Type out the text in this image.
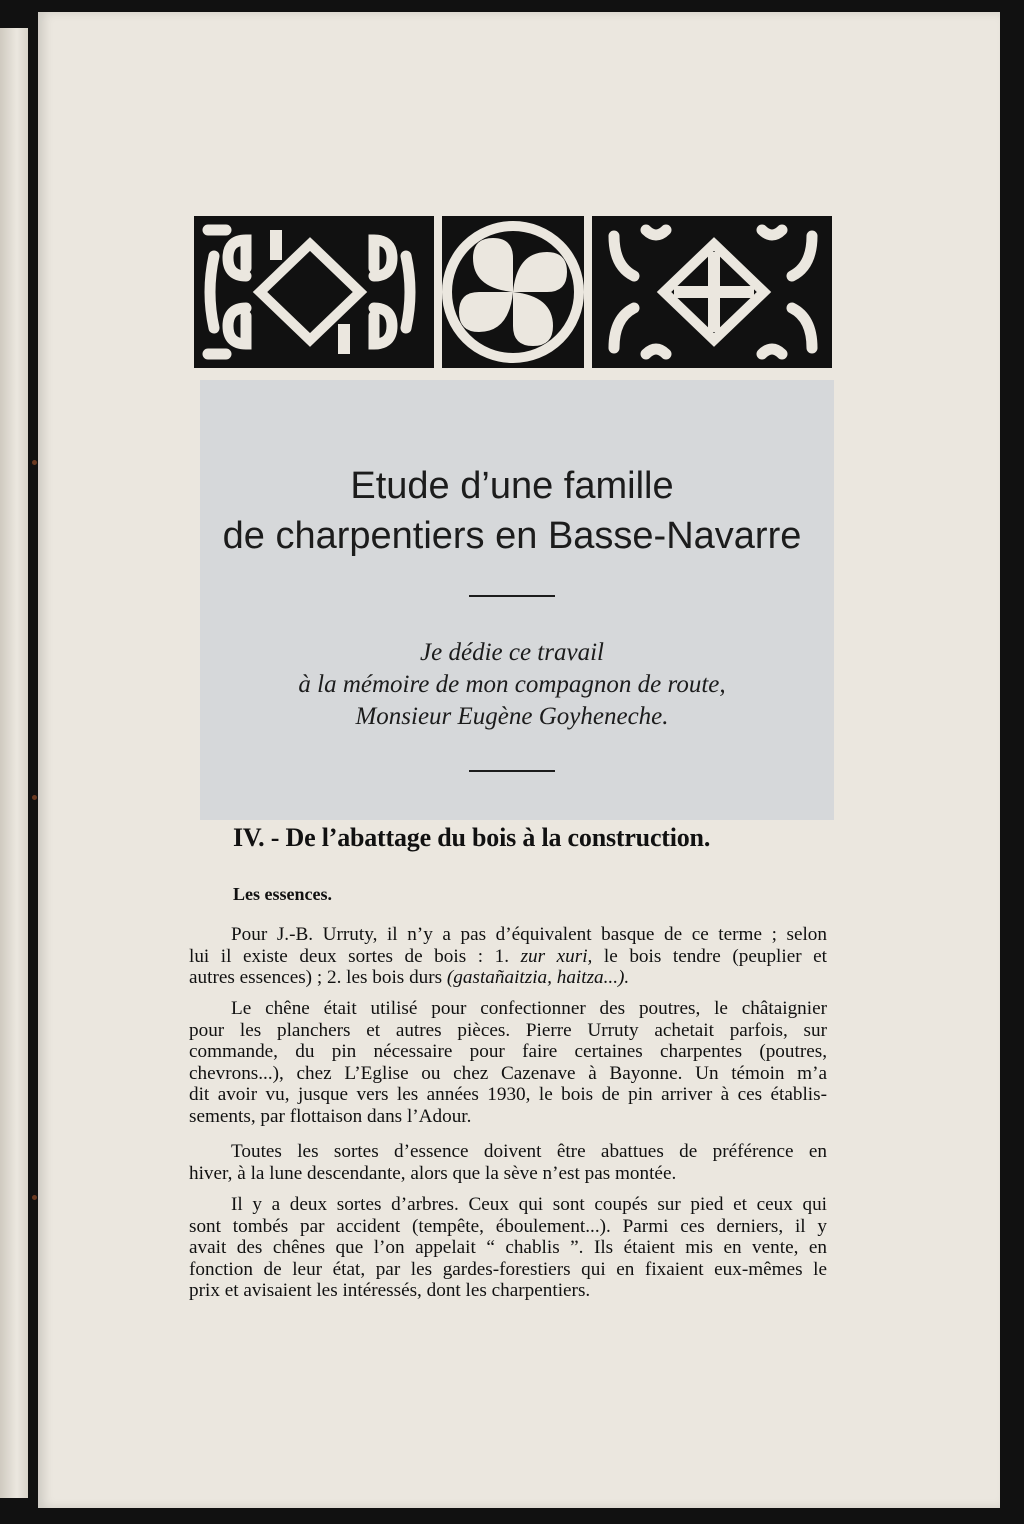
Etude d’une famille
de charpentiers en Basse-Navarre
Je dédie ce travail
à la mémoire de mon compagnon de route,
Monsieur Eugène Goyheneche.
IV. - De l’abattage du bois à la construction.
Les essences.
Pour J.-B. Urruty, il n’y a pas d’équivalent basque de ce terme ; selon
lui il existe deux sortes de bois : 1. zur xuri, le bois tendre (peuplier et
autres essences) ; 2. les bois durs (gastañaitzia, haitza...).
Le chêne était utilisé pour confectionner des poutres, le châtaignier
pour les planchers et autres pièces. Pierre Urruty achetait parfois, sur
commande, du pin nécessaire pour faire certaines charpentes (poutres,
chevrons...), chez L’Eglise ou chez Cazenave à Bayonne. Un témoin m’a
dit avoir vu, jusque vers les années 1930, le bois de pin arriver à ces établis-
sements, par flottaison dans l’Adour.
Toutes les sortes d’essence doivent être abattues de préférence en
hiver, à la lune descendante, alors que la sève n’est pas montée.
Il y a deux sortes d’arbres. Ceux qui sont coupés sur pied et ceux qui
sont tombés par accident (tempête, éboulement...). Parmi ces derniers, il y
avait des chênes que l’on appelait “ chablis ”. Ils étaient mis en vente, en
fonction de leur état, par les gardes-forestiers qui en fixaient eux-mêmes le
prix et avisaient les intéressés, dont les charpentiers.
